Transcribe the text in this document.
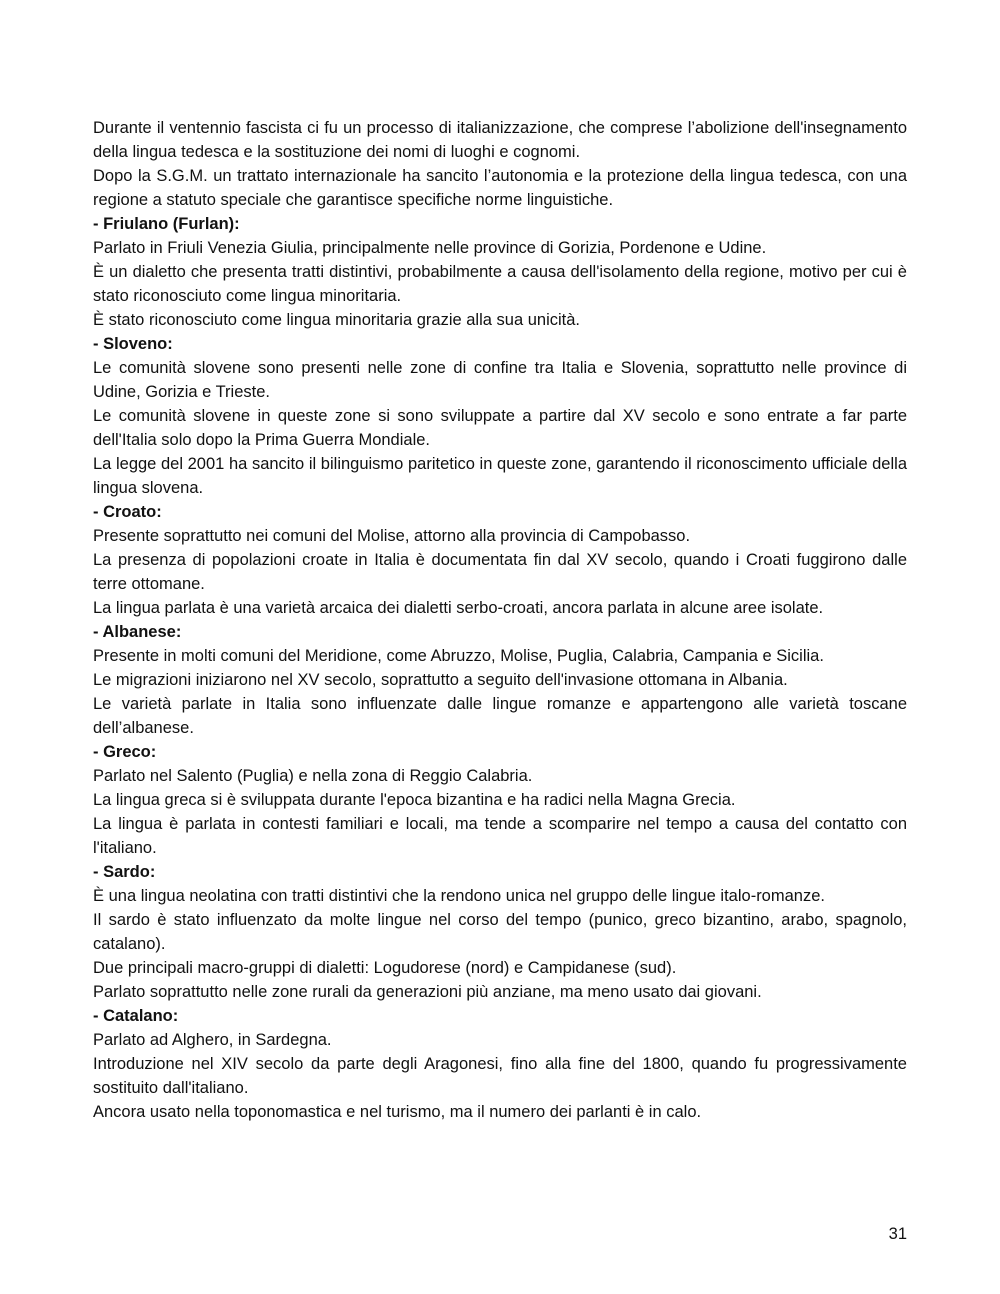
Durante il ventennio fascista ci fu un processo di italianizzazione, che comprese l’abolizione dell'insegnamento della lingua tedesca e la sostituzione dei nomi di luoghi e cognomi.

Dopo la S.G.M. un trattato internazionale ha sancito l’autonomia e la protezione della lingua tedesca, con una regione a statuto speciale che garantisce specifiche norme linguistiche.

- Friulano (Furlan):

Parlato in Friuli Venezia Giulia, principalmente nelle province di Gorizia, Pordenone e Udine.

È un dialetto che presenta tratti distintivi, probabilmente a causa dell'isolamento della regione, motivo per cui è stato riconosciuto come lingua minoritaria.

È stato riconosciuto come lingua minoritaria grazie alla sua unicità.

- Sloveno:

Le comunità slovene sono presenti nelle zone di confine tra Italia e Slovenia, soprattutto nelle province di Udine, Gorizia e Trieste.

Le comunità slovene in queste zone si sono sviluppate a partire dal XV secolo e sono entrate a far parte dell'Italia solo dopo la Prima Guerra Mondiale.

La legge del 2001 ha sancito il bilinguismo paritetico in queste zone, garantendo il riconoscimento ufficiale della lingua slovena.

- Croato:

Presente soprattutto nei comuni del Molise, attorno alla provincia di Campobasso.

La presenza di popolazioni croate in Italia è documentata fin dal XV secolo, quando i Croati fuggirono dalle terre ottomane.

La lingua parlata è una varietà arcaica dei dialetti serbo-croati, ancora parlata in alcune aree isolate.

- Albanese:

Presente in molti comuni del Meridione, come Abruzzo, Molise, Puglia, Calabria, Campania e Sicilia.

Le migrazioni iniziarono nel XV secolo, soprattutto a seguito dell'invasione ottomana in Albania.

Le varietà parlate in Italia sono influenzate dalle lingue romanze e appartengono alle varietà toscane dell’albanese.

- Greco:

Parlato nel Salento (Puglia) e nella zona di Reggio Calabria.

La lingua greca si è sviluppata durante l'epoca bizantina e ha radici nella Magna Grecia.

La lingua è parlata in contesti familiari e locali, ma tende a scomparire nel tempo a causa del contatto con l'italiano.

- Sardo:

È una lingua neolatina con tratti distintivi che la rendono unica nel gruppo delle lingue italo-romanze.

Il sardo è stato influenzato da molte lingue nel corso del tempo (punico, greco bizantino, arabo, spagnolo, catalano).

Due principali macro-gruppi di dialetti: Logudorese (nord) e Campidanese (sud).

Parlato soprattutto nelle zone rurali da generazioni più anziane, ma meno usato dai giovani.

- Catalano:

Parlato ad Alghero, in Sardegna.

Introduzione nel XIV secolo da parte degli Aragonesi, fino alla fine del 1800, quando fu progressivamente sostituito dall'italiano.

Ancora usato nella toponomastica e nel turismo, ma il numero dei parlanti è in calo.

31
